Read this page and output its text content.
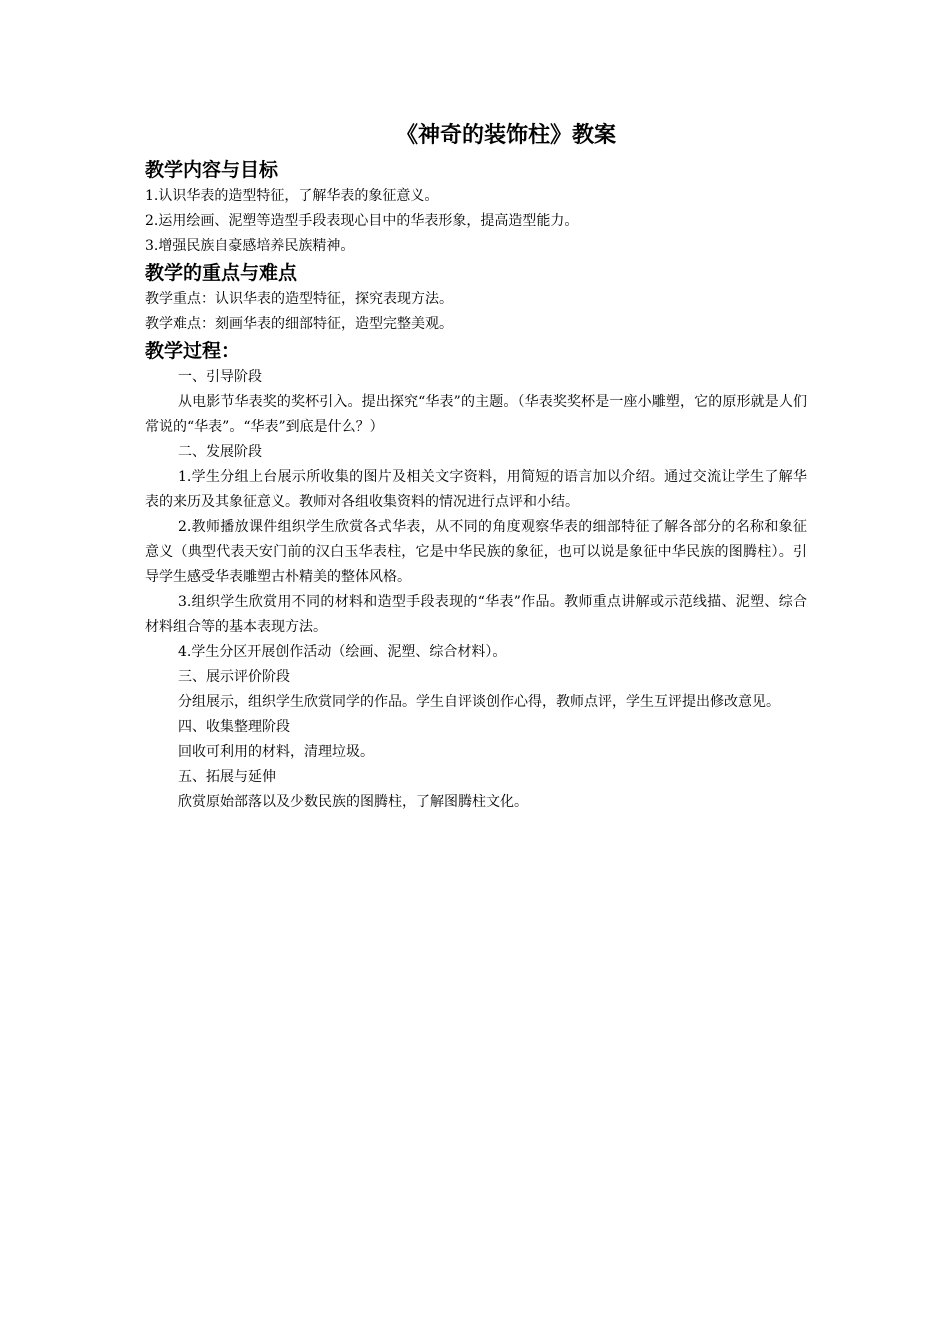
《神奇的装饰柱》教案
教学内容与目标

1.认识华表的造型特征，了解华表的象征意义。

2.运用绘画、泥塑等造型手段表现心目中的华表形象，提高造型能力。

3.增强民族自豪感培养民族精神。

教学的重点与难点

教学重点：认识华表的造型特征，探究表现方法。

教学难点：刻画华表的细部特征，造型完整美观。

教学过程：

一、引导阶段

从电影节华表奖的奖杯引入。提出探究“华表”的主题。（华表奖奖杯是一座小雕塑，它的原形就是人们常说的“华表”。“华表”到底是什么？）

二、发展阶段

1.学生分组上台展示所收集的图片及相关文字资料，用简短的语言加以介绍。通过交流让学生了解华表的来历及其象征意义。教师对各组收集资料的情况进行点评和小结。

2.教师播放课件组织学生欣赏各式华表，从不同的角度观察华表的细部特征了解各部分的名称和象征意义（典型代表天安门前的汉白玉华表柱，它是中华民族的象征，也可以说是象征中华民族的图腾柱）。引导学生感受华表雕塑古朴精美的整体风格。

3.组织学生欣赏用不同的材料和造型手段表现的“华表”作品。教师重点讲解或示范线描、泥塑、综合材料组合等的基本表现方法。

4.学生分区开展创作活动（绘画、泥塑、综合材料）。

三、展示评价阶段

分组展示，组织学生欣赏同学的作品。学生自评谈创作心得，教师点评，学生互评提出修改意见。

四、收集整理阶段

回收可利用的材料，清理垃圾。

五、拓展与延伸

欣赏原始部落以及少数民族的图腾柱，了解图腾柱文化。
